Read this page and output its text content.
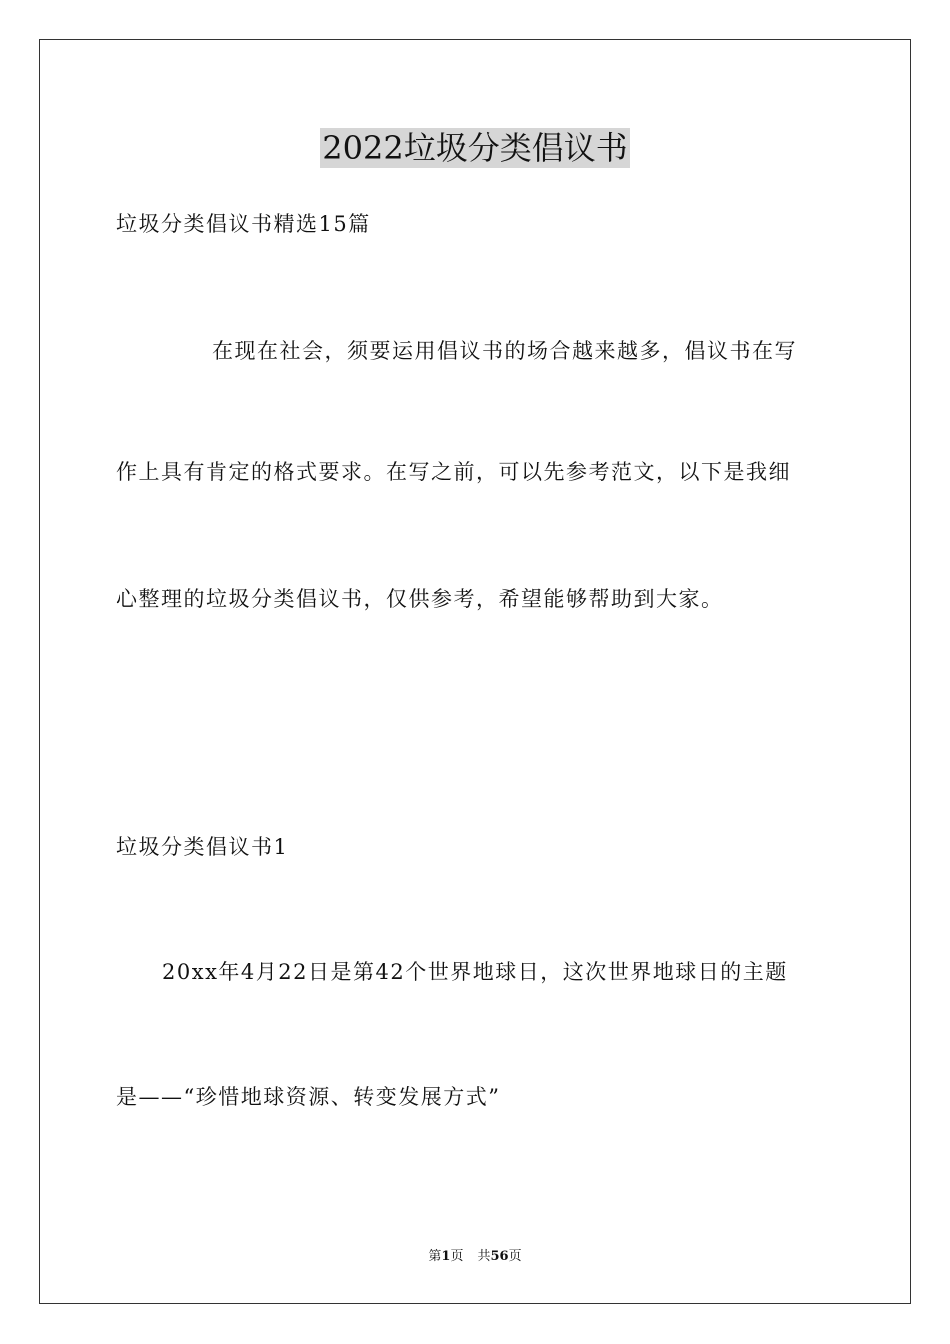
2022垃圾分类倡议书
垃圾分类倡议书精选15篇
在现在社会，须要运用倡议书的场合越来越多，倡议书在写
作上具有肯定的格式要求。在写之前，可以先参考范文，以下是我细
心整理的垃圾分类倡议书，仅供参考，希望能够帮助到大家。
垃圾分类倡议书1
20xx年4月22日是第42个世界地球日，这次世界地球日的主题
是——“珍惜地球资源、转变发展方式”
第1页 共56页
